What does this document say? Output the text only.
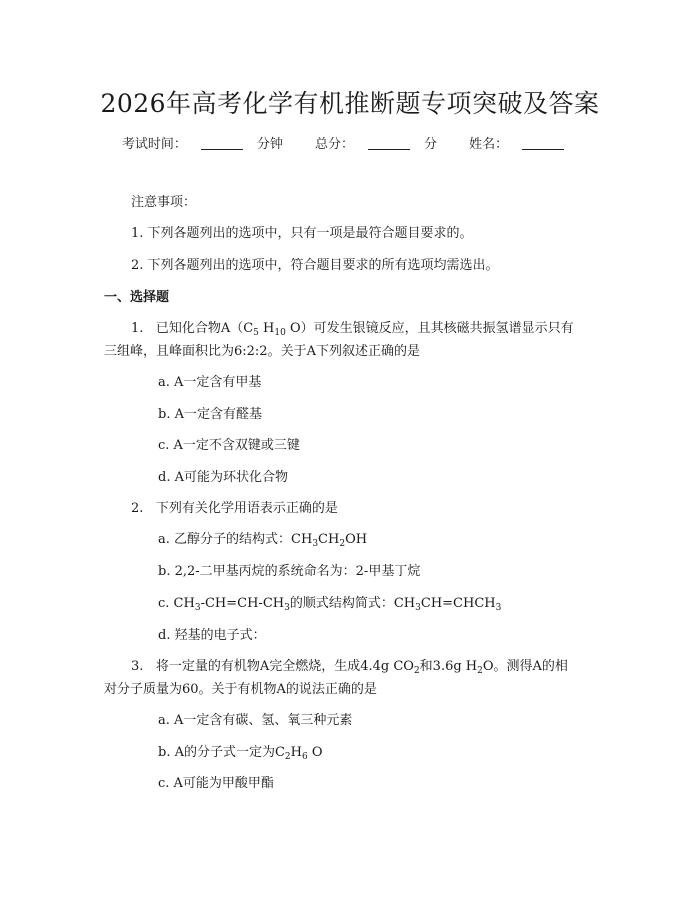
2026年高考化学有机推断题专项突破及答案
考试时间：	分钟 总分：	分 姓名：
注意事项：
1. 下列各题列出的选项中，只有一项是最符合题目要求的。
2. 下列各题列出的选项中，符合题目要求的所有选项均需选出。
一、选择题
1. 已知化合物$A(C_5$ $H_{10}$ O）可发生银镜反应，且其核磁共振氢谱显示只有
三组峰，且峰面积比为6:2:2。关于A下列叙述正确的是
a. A一定含有甲基
b. A一定含有醛基
c. A一定不含双键或三键
d. A可能为环状化合物
2. 下列有关化学用语表示正确的是
a. 乙醇分子的结构式：$CH_3CH_2OH$
b. 2,2-二甲基丙烷的系统命名为：2-甲基丁烷
c. $CH_3-CH=CH-CH_3$的顺式结构简式：$CH_3CH=CHCH_3$
d. 羟基的电子式：
3. 将一定量的有机物A完全燃烧，生成4.4g $CO_2$和3.6g $H_2O$。测得A的相
对分子质量为60。关于有机物A的说法正确的是
a. A一定含有碳、氢、氧三种元素
b. A的分子式一定为$C_2H_6$ O
c. A可能为甲酸甲酯
